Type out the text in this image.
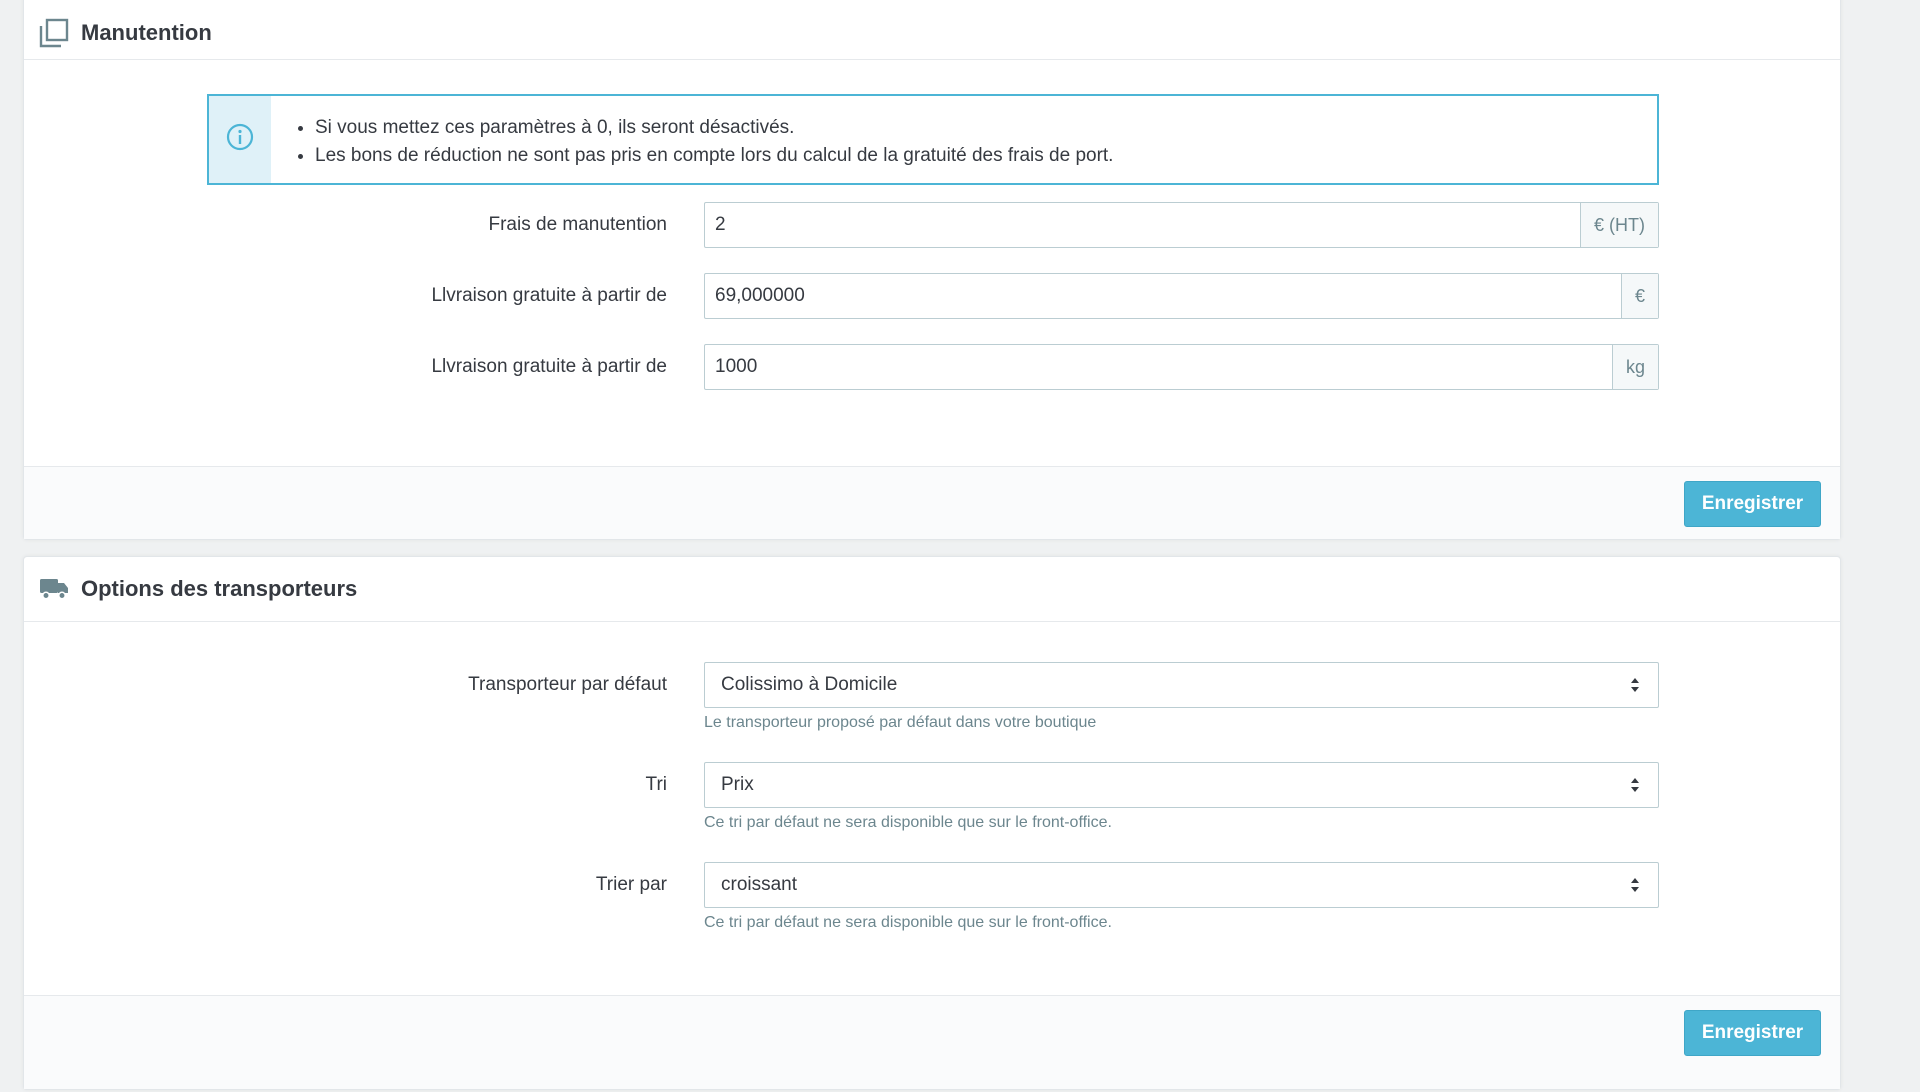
Manutention
• Si vous mettez ces paramètres à 0, ils seront désactivés.
• Les bons de réduction ne sont pas pris en compte lors du calcul de la gratuité des frais de port.
Frais de manutention
2	€ (HT)
Llvraison gratuite à partir de
69,000000	€
Llvraison gratuite à partir de
1000	kg
Enregistrer
Options des transporteurs
Transporteur par défaut	Colissimo à Domicile
Le transporteur proposé par défaut dans votre boutique
Tri	Prix
Ce tri par défaut ne sera disponible que sur le front-office.
Trier par	croissant
Ce tri par défaut ne sera disponible que sur le front-office.
Enregistrer
